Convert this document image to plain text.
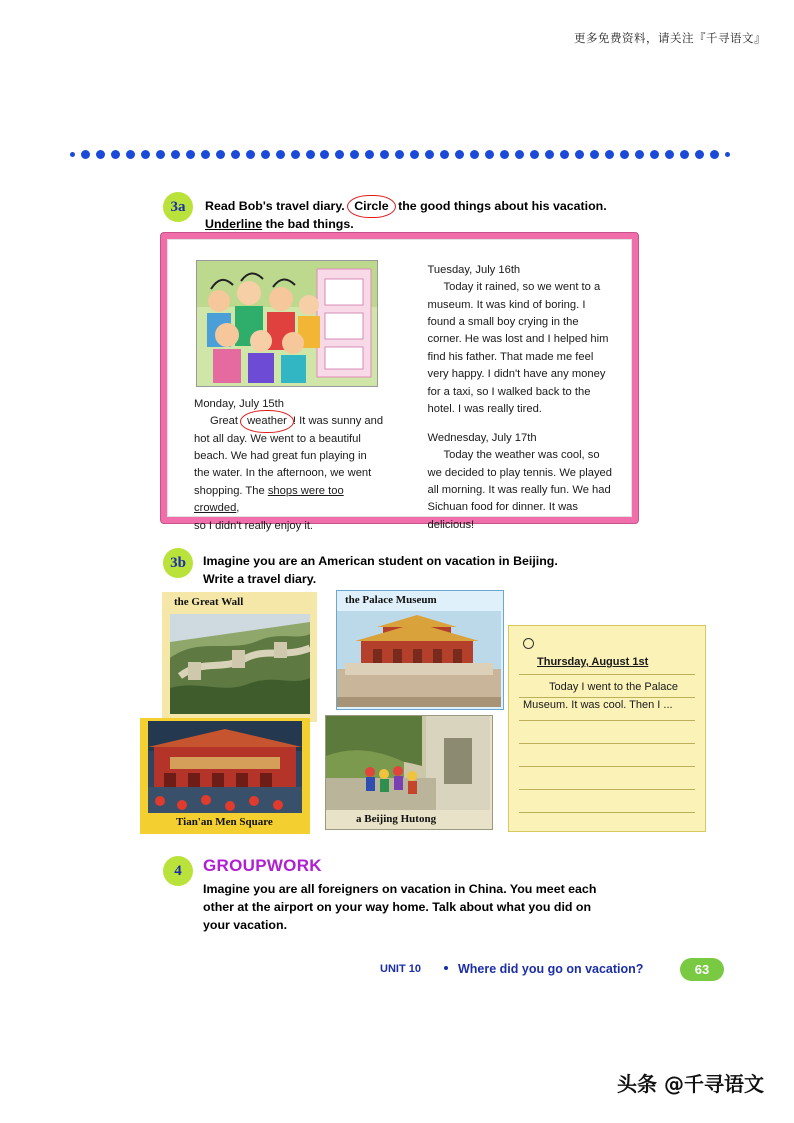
更多免费资料，请关注『千寻语文』
3a	Read Bob's travel diary. Circle the good things about his vacation.
Underline the bad things.
Monday, July 15th
Great weather ! It was sunny and
hot all day. We went to a beautiful
beach. We had great fun playing in
the water. In the afternoon, we went
shopping. The shops were too crowded,
so I didn't really enjoy it.
Tuesday, July 16th
Today it rained, so we went to a museum. It was kind of boring. I found a small boy crying in the corner. He was lost and I helped him find his father. That made me feel very happy. I didn't have any money for a taxi, so I walked back to the hotel. I was really tired.
Wednesday, July 17th
Today the weather was cool, so we decided to play tennis. We played all morning. It was really fun. We had Sichuan food for dinner. It was delicious!
3b	Imagine you are an American student on vacation in Beijing.
Write a travel diary.
the Great Wall	the Palace Museum
Tian'an Men Square	a Beijing Hutong
Thursday, August 1st
Today I went to the Palace Museum. It was cool. Then I ...
4	GROUPWORK
Imagine you are all foreigners on vacation in China. You meet each
other at the airport on your way home. Talk about what you did on
your vacation.
UNIT 10	Where did you go on vacation?	63
头条 @千寻语文
